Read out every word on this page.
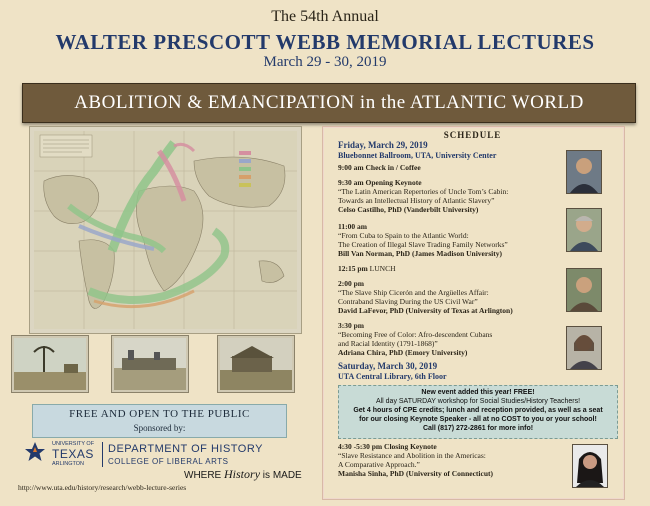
The 54th Annual
WALTER PRESCOTT WEBB MEMORIAL LECTURES
March 29 - 30, 2019
ABOLITION & EMANCIPATION in the ATLANTIC WORLD
FREE AND OPEN TO THE PUBLIC
Sponsored by:
UNIVERSITY OF
TEXAS
ARLINGTON
DEPARTMENT OF HISTORY
COLLEGE OF LIBERAL ARTS
WHERE History is MADE
http://www.uta.edu/history/research/webb-lecture-series
SCHEDULE
Friday, March 29, 2019
Bluebonnet Ballroom, UTA, University Center
9:00 am Check in / Coffee
9:30 am Opening Keynote
“The Latin American Repertories of Uncle Tom’s Cabin:
Towards an Intellectual History of Atlantic Slavery”
Celso Castilho, PhD (Vanderbilt University)
11:00 am
“From Cuba to Spain to the Atlantic World:
The Creation of Illegal Slave Trading Family Networks”
Bill Van Norman, PhD (James Madison University)
12:15 pm LUNCH
2:00 pm
“The Slave Ship Cicerón and the Argüelles Affair:
Contraband Slaving During the US Civil War”
David LaFevor, PhD (University of Texas at Arlington)
3:30 pm
“Becoming Free of Color: Afro-descendent Cubans
and Racial Identity (1791-1868)”
Adriana Chira, PhD (Emory University)
Saturday, March 30, 2019
UTA Central Library, 6th Floor
New event added this year! FREE!
All day SATURDAY workshop for Social Studies/History Teachers!
Get 4 hours of CPE credits; lunch and reception provided, as well as a seat
for our closing Keynote Speaker - all at no COST to you or your school!
Call (817) 272-2861 for more info!
4:30 -5:30 pm Closing Keynote
“Slave Resistance and Abolition in the Americas:
A Comparative Approach.”
Manisha Sinha, PhD (University of Connecticut)
